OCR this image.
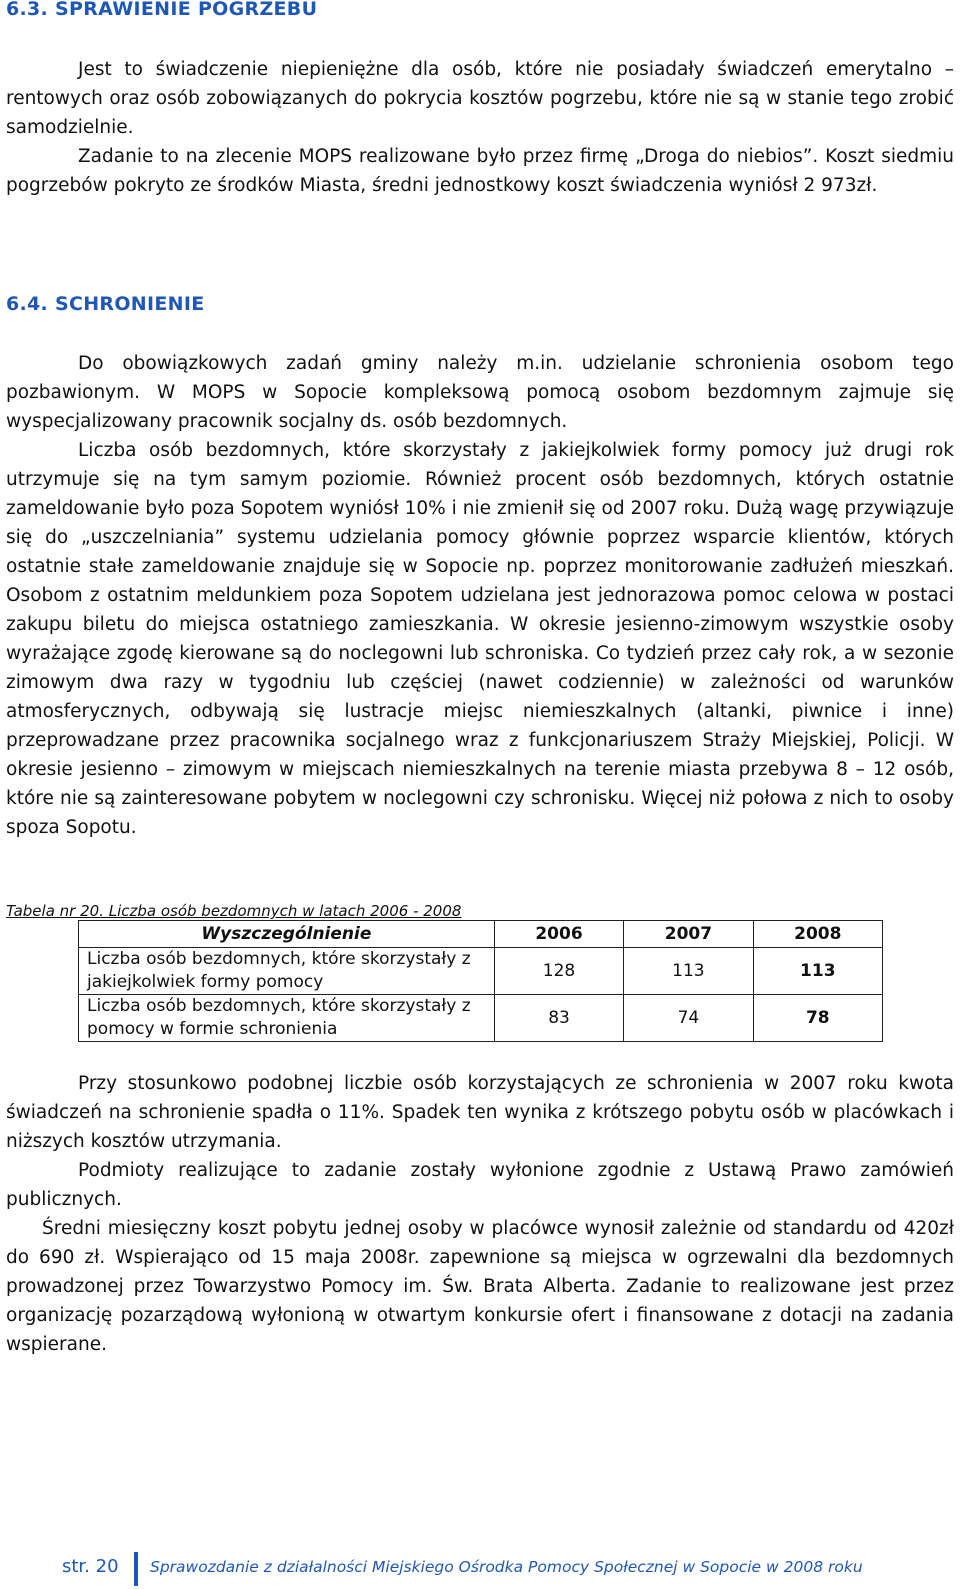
6.3. SPRAWIENIE POGRZEBU

Jest to świadczenie niepieniężne dla osób, które nie posiadały świadczeń emerytalno – rentowych oraz osób zobowiązanych do pokrycia kosztów pogrzebu, które nie są w stanie tego zrobić samodzielnie.

Zadanie to na zlecenie MOPS realizowane było przez firmę „Droga do niebios”. Koszt siedmiu pogrzebów pokryto ze środków Miasta, średni jednostkowy koszt świadczenia wyniósł 2 973zł.

6.4. SCHRONIENIE

Do obowiązkowych zadań gminy należy m.in. udzielanie schronienia osobom tego pozbawionym. W MOPS w Sopocie kompleksową pomocą osobom bezdomnym zajmuje się wyspecjalizowany pracownik socjalny ds. osób bezdomnych.

Liczba osób bezdomnych, które skorzystały z jakiejkolwiek formy pomocy już drugi rok utrzymuje się na tym samym poziomie. Również procent osób bezdomnych, których ostatnie zameldowanie było poza Sopotem wyniósł 10% i nie zmienił się od 2007 roku. Dużą wagę przywiązuje się do „uszczelniania” systemu udzielania pomocy głównie poprzez wsparcie klientów, których ostatnie stałe zameldowanie znajduje się w Sopocie np. poprzez monitorowanie zadłużeń mieszkań. Osobom z ostatnim meldunkiem poza Sopotem udzielana jest jednorazowa pomoc celowa w postaci zakupu biletu do miejsca ostatniego zamieszkania. W okresie jesienno-zimowym wszystkie osoby wyrażające zgodę kierowane są do noclegowni lub schroniska. Co tydzień przez cały rok, a w sezonie zimowym dwa razy w tygodniu lub częściej (nawet codziennie) w zależności od warunków atmosferycznych, odbywają się lustracje miejsc niemieszkalnych (altanki, piwnice i inne) przeprowadzane przez pracownika socjalnego wraz z funkcjonariuszem Straży Miejskiej, Policji. W okresie jesienno – zimowym w miejscach niemieszkalnych na terenie miasta przebywa 8 – 12 osób, które nie są zainteresowane pobytem w noclegowni czy schronisku. Więcej niż połowa z nich to osoby spoza Sopotu.

Tabela nr 20. Liczba osób bezdomnych w latach 2006 - 2008

Wyszczególnienie	2006	2007	2008
Liczba osób bezdomnych, które skorzystały z jakiejkolwiek formy pomocy	128	113	113
Liczba osób bezdomnych, które skorzystały z pomocy w formie schronienia	83	74	78

Przy stosunkowo podobnej liczbie osób korzystających ze schronienia w 2007 roku kwota świadczeń na schronienie spadła o 11%. Spadek ten wynika z krótszego pobytu osób w placówkach i niższych kosztów utrzymania.

Podmioty realizujące to zadanie zostały wyłonione zgodnie z Ustawą Prawo zamówień publicznych.

Średni miesięczny koszt pobytu jednej osoby w placówce wynosił zależnie od standardu od 420zł do 690 zł. Wspierająco od 15 maja 2008r. zapewnione są miejsca w ogrzewalni dla bezdomnych prowadzonej przez Towarzystwo Pomocy im. Św. Brata Alberta. Zadanie to realizowane jest przez organizację pozarządową wyłonioną w otwartym konkursie ofert i finansowane z dotacji na zadania wspierane.

str. 20 Sprawozdanie z działalności Miejskiego Ośrodka Pomocy Społecznej w Sopocie w 2008 roku
